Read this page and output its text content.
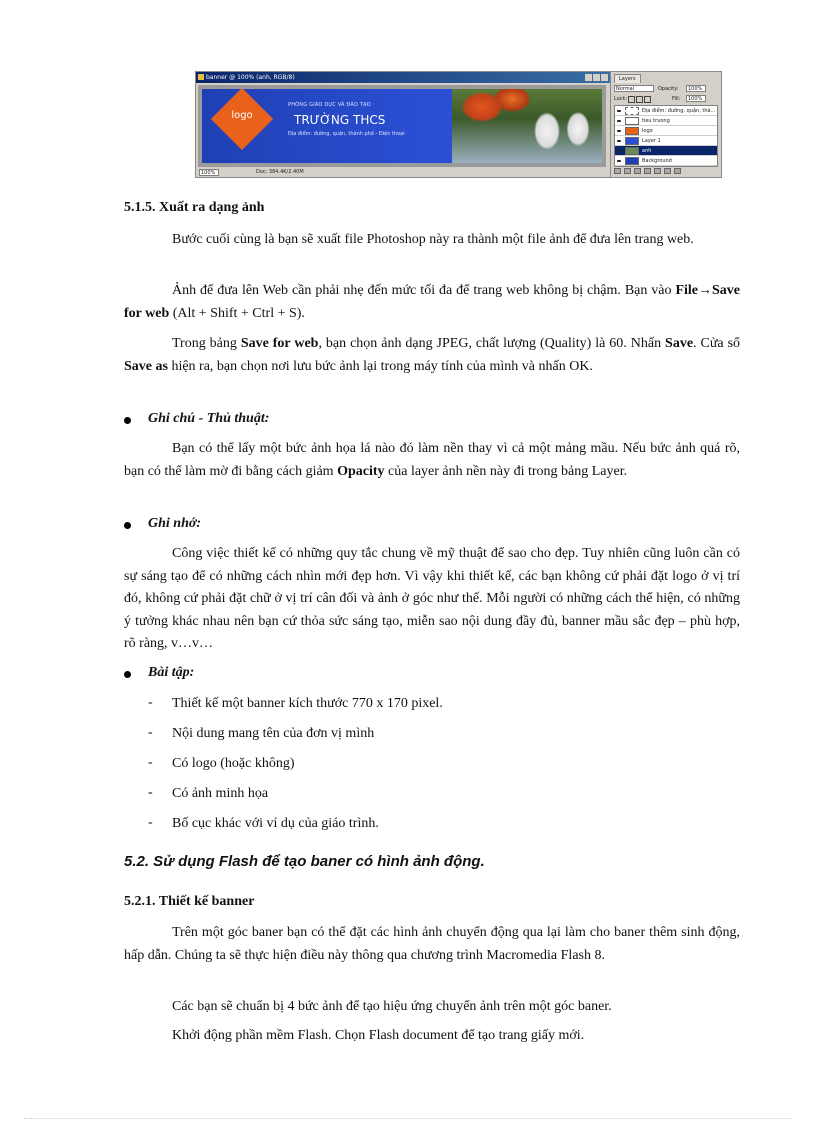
banner @ 100% (anh, RGB/8)
logo
PHÒNG GIÁO DỤC VÀ ĐÀO TẠO
TRƯỜNG THCS
Địa điểm: đường, quận, thành phố - Điện thoại
100%	Doc: 384.4K/2.40M
Layers
Normal	Opacity:	100%
Lock:	Fill:	100%
Địa điểm: đường, quận, thà...
tieu truong
logo
Layer 1
anh
Background
5.1.5. Xuất ra dạng ảnh
Bước cuối cùng là bạn sẽ xuất file Photoshop này ra thành một file ảnh để đưa lên trang web.
Ảnh để đưa lên Web cần phải nhẹ đến mức tối đa để trang web không bị chậm. Bạn vào File→Save for web (Alt + Shift + Ctrl + S).
Trong bảng Save for web, bạn chọn ảnh dạng JPEG, chất lượng (Quality) là 60. Nhấn Save. Cửa sổ Save as hiện ra, bạn chọn nơi lưu bức ảnh lại trong máy tính của mình và nhấn OK.
Ghi chú - Thủ thuật:
Bạn có thể lấy một bức ảnh họa lá nào đó làm nền thay vì cả một mảng mầu. Nếu bức ảnh quá rõ, bạn có thể làm mờ đi bằng cách giảm Opacity của layer ảnh nền này đi trong bảng Layer.
Ghi nhớ:
Công việc thiết kế có những quy tắc chung về mỹ thuật để sao cho đẹp. Tuy nhiên cũng luôn cần có sự sáng tạo để có những cách nhìn mới đẹp hơn. Vì vậy khi thiết kế, các bạn không cứ phải đặt logo ở vị trí đó, không cứ phải đặt chữ ở vị trí cân đối và ảnh ở góc như thế. Mỗi người có những cách thể hiện, có những ý tưởng khác nhau nên bạn cứ thỏa sức sáng tạo, miễn sao nội dung đầy đủ, banner mầu sắc đẹp – phù hợp, rõ ràng, v…v…
Bài tập:
- Thiết kế một banner kích thước 770 x 170 pixel.
- Nội dung mang tên của đơn vị mình
- Có logo (hoặc không)
- Có ảnh minh họa
- Bố cục khác với ví dụ của giáo trình.
5.2. Sử dụng Flash để tạo baner có hình ảnh động.
5.2.1. Thiết kế banner
Trên một góc baner bạn có thể đặt các hình ảnh chuyển động qua lại làm cho baner thêm sinh động, hấp dẫn. Chúng ta sẽ thực hiện điều này thông qua chương trình Macromedia Flash 8.
Các bạn sẽ chuẩn bị 4 bức ảnh để tạo hiệu ứng chuyển ảnh trên một góc baner.
Khởi động phần mềm Flash. Chọn Flash document để tạo trang giấy mới.
